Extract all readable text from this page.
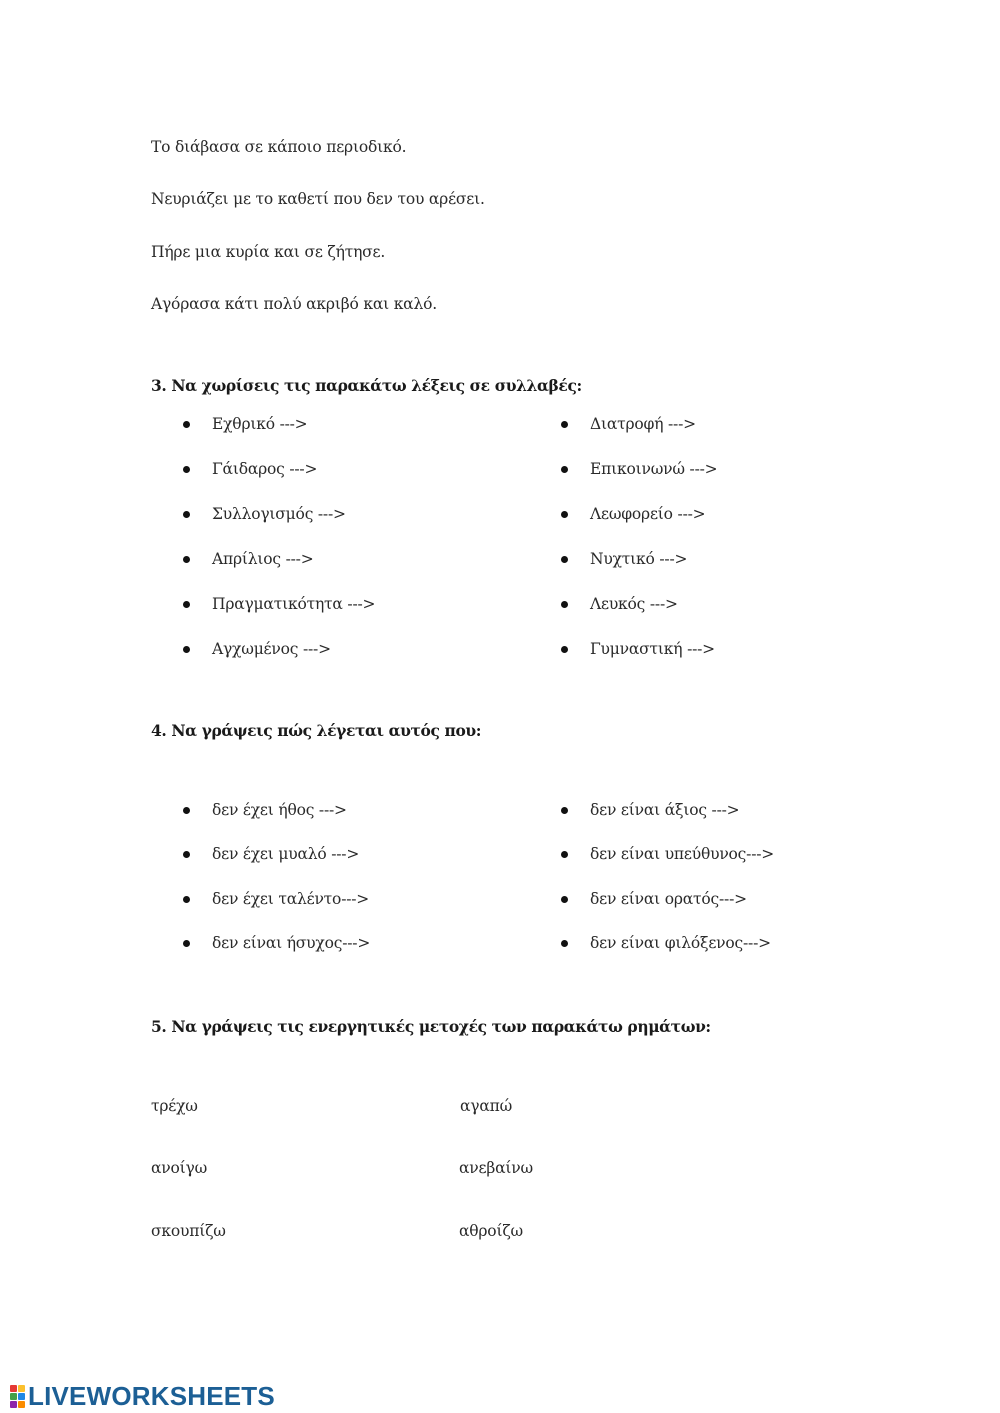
Το διάβασα σε κάποιο περιοδικό.
Νευριάζει με το καθετί που δεν του αρέσει.
Πήρε μια κυρία και σε ζήτησε.
Αγόρασα κάτι πολύ ακριβό και καλό.
3. Να χωρίσεις τις παρακάτω λέξεις σε συλλαβές:
Εχθρικό --->
Γάιδαρος --->
Συλλογισμός --->
Απρίλιος --->
Πραγματικότητα --->
Αγχωμένος --->
Διατροφή --->
Επικοινωνώ --->
Λεωφορείο --->
Νυχτικό --->
Λευκός --->
Γυμναστική --->
4. Να γράψεις πώς λέγεται αυτός που:
δεν έχει ήθος --->
δεν έχει μυαλό --->
δεν έχει ταλέντο--->
δεν είναι ήσυχος--->
δεν είναι άξιος --->
δεν είναι υπεύθυνος--->
δεν είναι ορατός--->
δεν είναι φιλόξενος--->
5. Να γράψεις τις ενεργητικές μετοχές των παρακάτω ρημάτων:
τρέχω
ανοίγω
σκουπίζω
αγαπώ
ανεβαίνω
αθροίζω
LIVEWORKSHEETS
